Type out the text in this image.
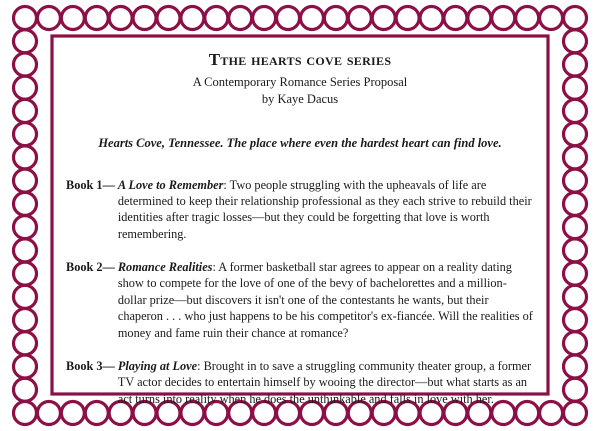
Tthe hearts cove series
A Contemporary Romance Series Proposal
by Kaye Dacus
Hearts Cove, Tennessee. The place where even the hardest heart can find love.
Book 1— A Love to Remember: Two people struggling with the upheavals of life are determined to keep their relationship professional as they each strive to rebuild their identities after tragic losses—but they could be forgetting that love is worth remembering.
Book 2— Romance Realities: A former basketball star agrees to appear on a reality dating show to compete for the love of one of the bevy of bachelorettes and a million-dollar prize—but discovers it isn't one of the contestants he wants, but their chaperon . . . who just happens to be his competitor's ex-fiancée. Will the realities of money and fame ruin their chance at romance?
Book 3— Playing at Love: Brought in to save a struggling community theater group, a former TV actor decides to entertain himself by wooing the director—but what starts as an act turns into reality when he does the unthinkable and falls in love with her.
